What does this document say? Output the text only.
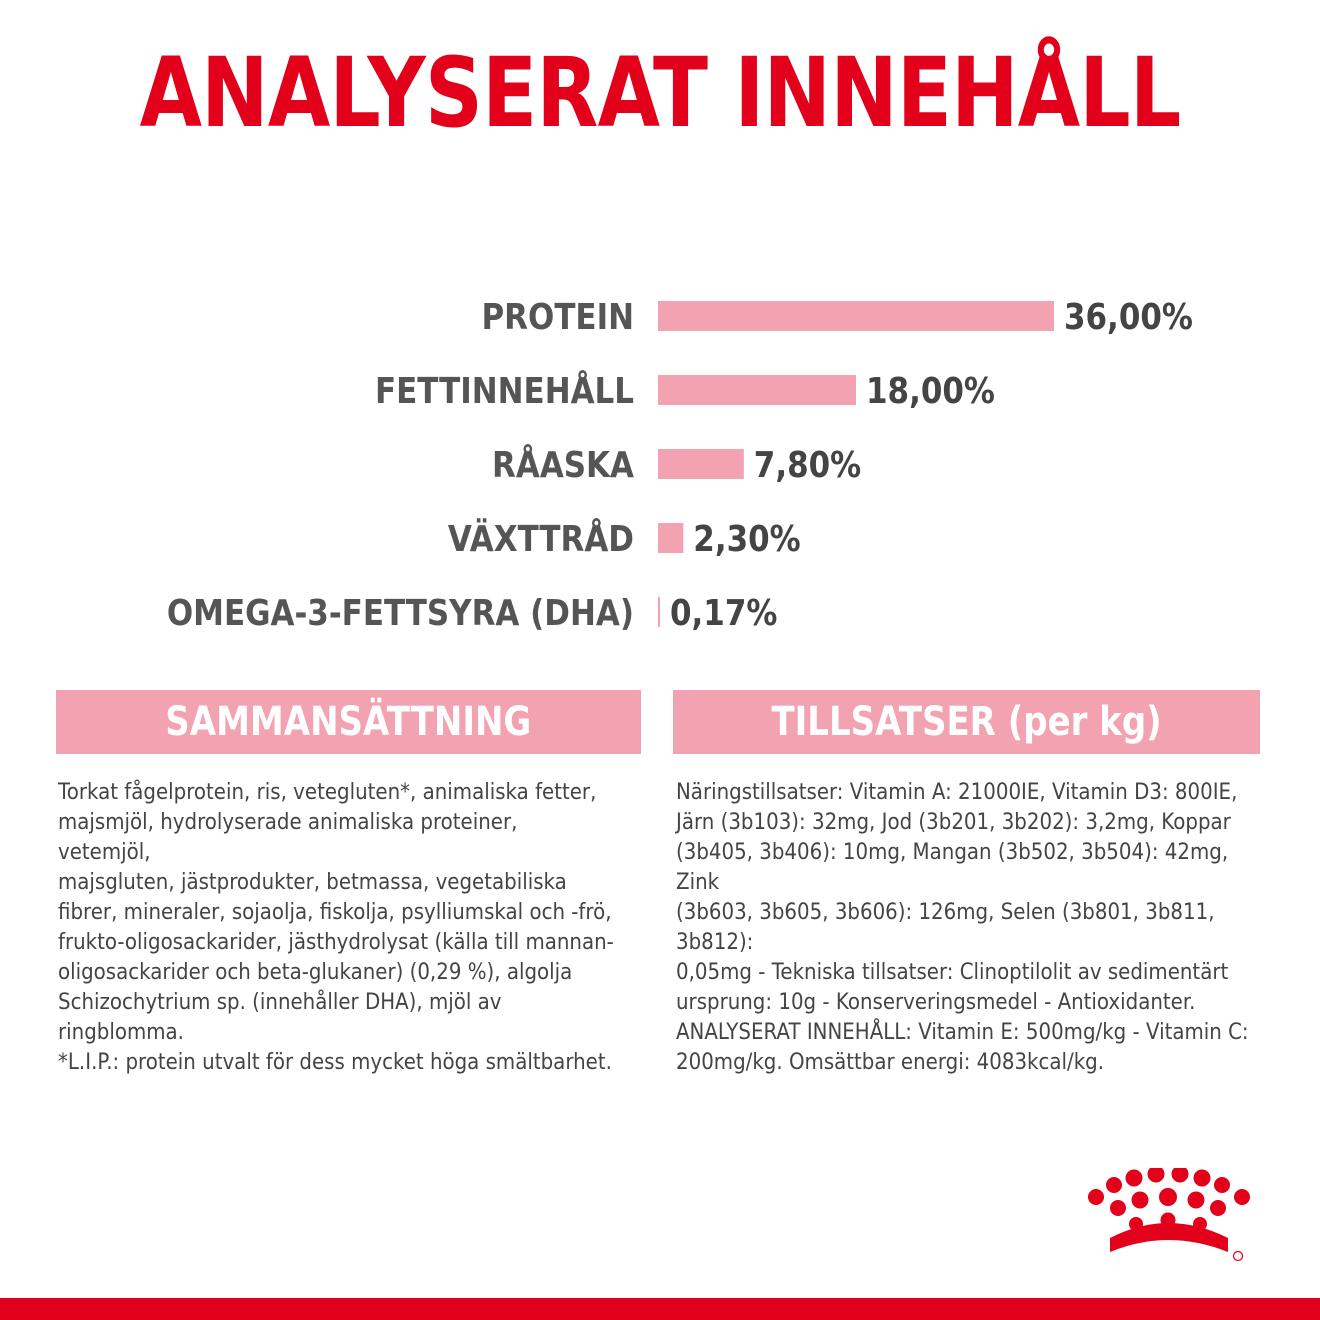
ANALYSERAT INNEHÅLL
PROTEIN	36,00%
FETTINNEHÅLL	18,00%
RÅASKA	7,80%
VÄXTTRÅD 2,30%
OMEGA-3-FETTSYRA (DHA) 0,17%
SAMMANSÄTTNING	TILLSATSER (per kg)
Torkat fågelprotein, ris, vetegluten*, animaliska fetter,
majsmjöl, hydrolyserade animaliska proteiner, vetemjöl,
majsgluten, jästprodukter, betmassa, vegetabiliska
fibrer, mineraler, sojaolja, fiskolja, psylliumskal och -frö,
frukto-oligosackarider, jästhydrolysat (källa till mannan-
oligosackarider och beta-glukaner) (0,29 %), algolja
Schizochytrium sp. (innehåller DHA), mjöl av ringblomma.
*L.I.P.: protein utvalt för dess mycket höga smältbarhet.
Näringstillsatser: Vitamin A: 21000IE, Vitamin D3: 800IE,
Järn (3b103): 32mg, Jod (3b201, 3b202): 3,2mg, Koppar
(3b405, 3b406): 10mg, Mangan (3b502, 3b504): 42mg, Zink
(3b603, 3b605, 3b606): 126mg, Selen (3b801, 3b811, 3b812):
0,05mg - Tekniska tillsatser: Clinoptilolit av sedimentärt
ursprung: 10g - Konserveringsmedel - Antioxidanter.
ANALYSERAT INNEHÅLL: Vitamin E: 500mg/kg - Vitamin C:
200mg/kg. Omsättbar energi: 4083kcal/kg.
